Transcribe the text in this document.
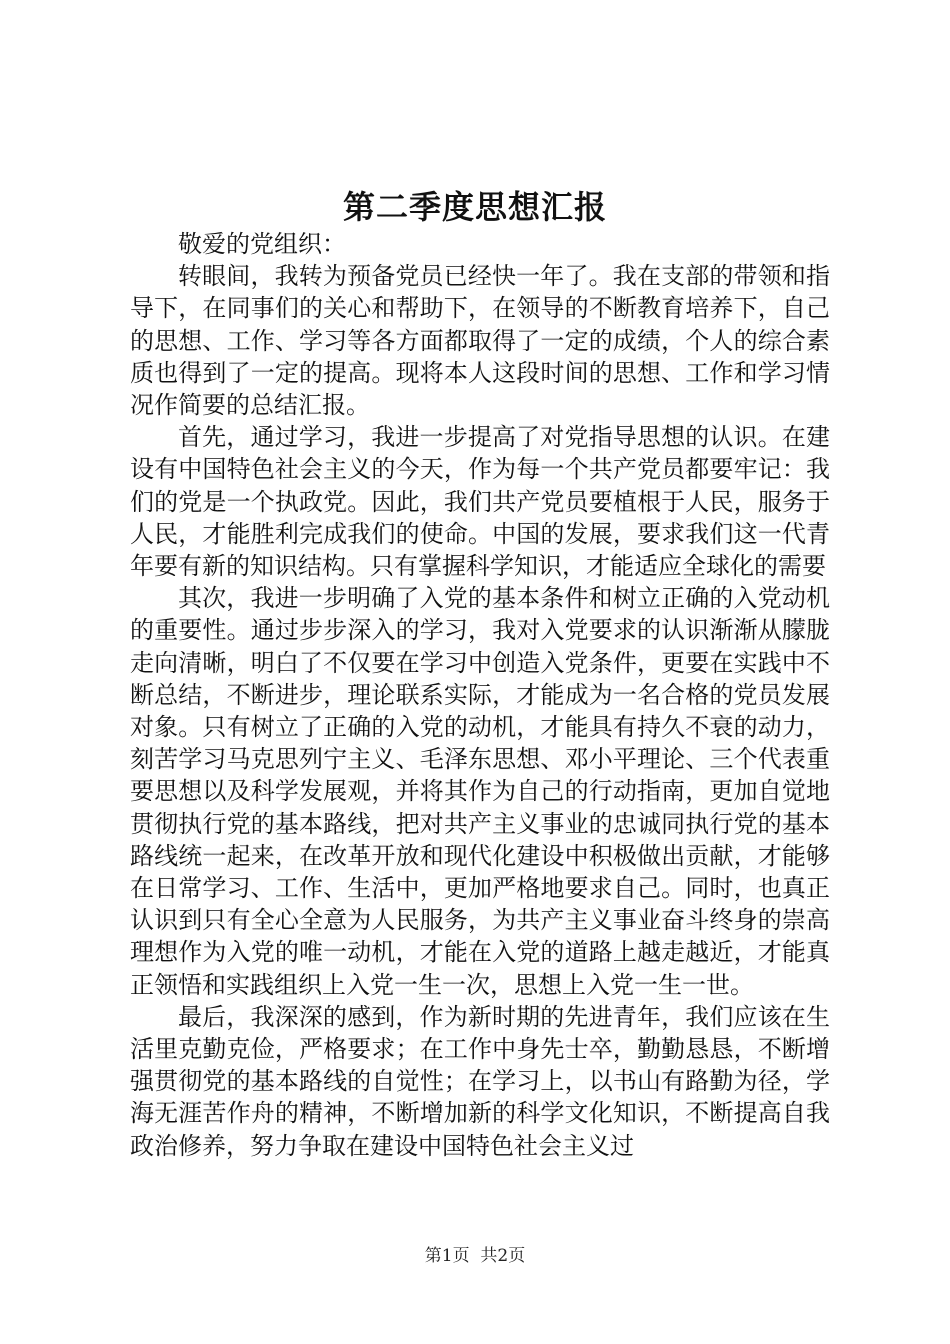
第二季度思想汇报

敬爱的党组织：

转眼间，我转为预备党员已经快一年了。我在支部的带领和指导下，在同事们的关心和帮助下，在领导的不断教育培养下，自己的思想、工作、学习等各方面都取得了一定的成绩，个人的综合素质也得到了一定的提高。现将本人这段时间的思想、工作和学习情况作简要的总结汇报。

首先，通过学习，我进一步提高了对党指导思想的认识。在建设有中国特色社会主义的今天，作为每一个共产党员都要牢记：我们的党是一个执政党。因此，我们共产党员要植根于人民，服务于人民，才能胜利完成我们的使命。中国的发展，要求我们这一代青年要有新的知识结构。只有掌握科学知识，才能适应全球化的需要

其次，我进一步明确了入党的基本条件和树立正确的入党动机的重要性。通过步步深入的学习，我对入党要求的认识渐渐从朦胧走向清晰，明白了不仅要在学习中创造入党条件，更要在实践中不断总结，不断进步，理论联系实际，才能成为一名合格的党员发展对象。只有树立了正确的入党的动机，才能具有持久不衰的动力，刻苦学习马克思列宁主义、毛泽东思想、邓小平理论、三个代表重要思想以及科学发展观，并将其作为自己的行动指南，更加自觉地贯彻执行党的基本路线，把对共产主义事业的忠诚同执行党的基本路线统一起来，在改革开放和现代化建设中积极做出贡献，才能够在日常学习、工作、生活中，更加严格地要求自己。同时，也真正认识到只有全心全意为人民服务，为共产主义事业奋斗终身的崇高理想作为入党的唯一动机，才能在入党的道路上越走越近，才能真正领悟和实践组织上入党一生一次，思想上入党一生一世。

最后，我深深的感到，作为新时期的先进青年，我们应该在生活里克勤克俭，严格要求；在工作中身先士卒，勤勤恳恳，不断增强贯彻党的基本路线的自觉性；在学习上，以书山有路勤为径，学海无涯苦作舟的精神，不断增加新的科学文化知识，不断提高自我政治修养，努力争取在建设中国特色社会主义过

第1页 共2页
